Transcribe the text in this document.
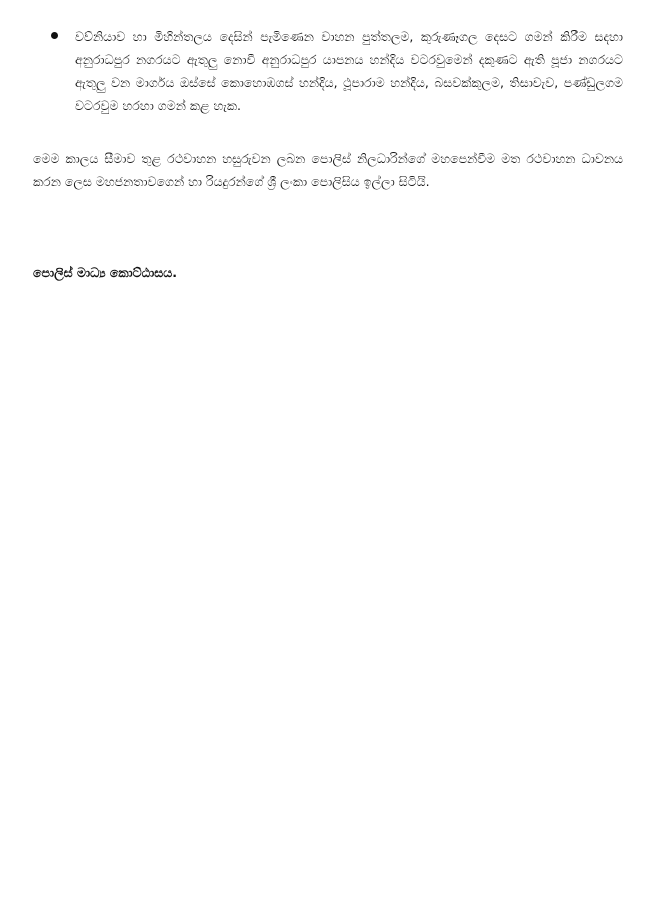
වව්නියාව හා මිහින්තලය දෙසින් පැමිණෙන වාහන පුත්තලම, කුරුණෑගල දෙසට ගමන් කිරීම සදහා අනුරාධපුර නගරයට ඇතුලු නොවී අනුරාධපුර යාපනය හන්දිය වටරවුමෙන් දකුණට ඇති පූජා නගරයට ඇතුලු වන මාර්ගය ඔස්සේ කොහොඹගස් හන්දිය, ථූපාරාම හන්දිය, බසවක්කුලම, තිසාවැව, පණ්ඩුලගම වටරවුම හරහා ගමන් කළ හැක.

මෙම කාලය සීමාව තුළ රථවාහන හසුරුවන ලබන පොලිස් නිලධාරින්ගේ මහපෙන්වීම මත රථවාහන ධාවනය කරන ලෙස මහජනතාවගෙන් හා රියදුරන්ගේ ශ්‍රී ලංකා පොලිසිය ඉල්ලා සිටියි.

පොලිස් මාධ්‍ය කොට්ඨාසය.
